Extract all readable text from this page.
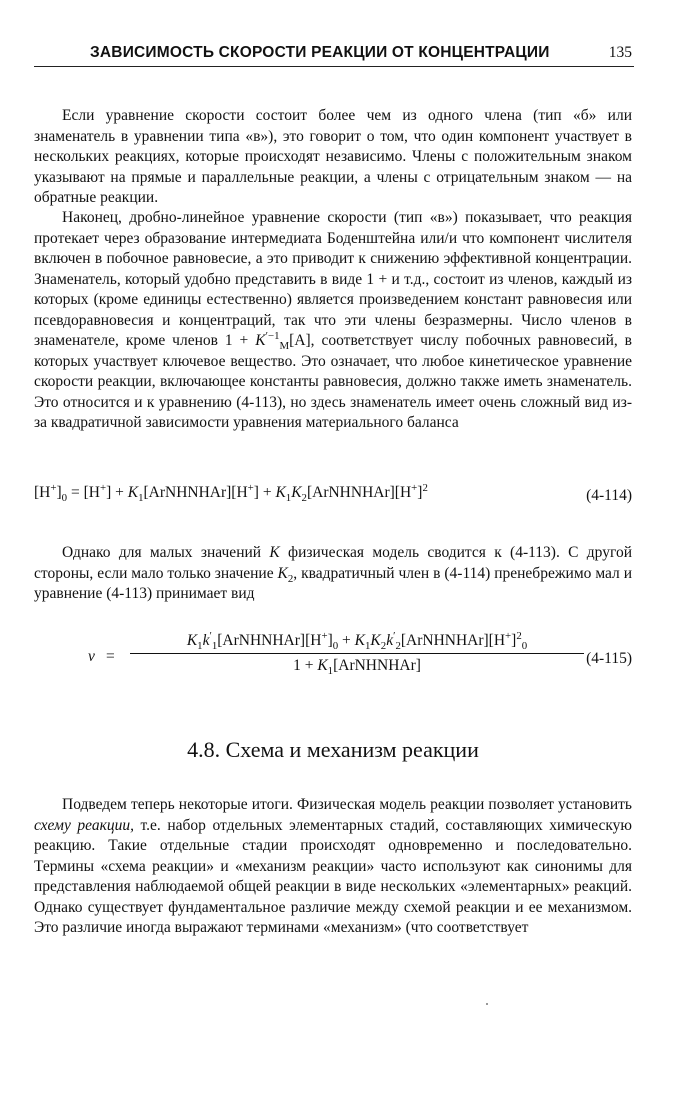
ЗАВИСИМОСТЬ СКОРОСТИ РЕАКЦИИ ОТ КОНЦЕНТРАЦИИ	135

Если уравнение скорости состоит более чем из одного члена (тип «б» или знаменатель в уравнении типа «в»), это говорит о том, что один компонент участвует в нескольких реакциях, которые происходят независимо. Члены с положительным знаком указывают на прямые и параллельные реакции, а члены с отрицательным знаком — на обратные реакции.

Наконец, дробно-линейное уравнение скорости (тип «в») показывает, что реакция протекает через образование интермедиата Боденштейна или/и что компонент числителя включен в побочное равновесие, а это приводит к снижению эффективной концентрации. Знаменатель, который удобно представить в виде 1 + и т.д., состоит из членов, каждый из которых (кроме единицы естественно) является произведением констант равновесия или псевдоравновесия и концентраций, так что эти члены безразмерны. Число членов в знаменателе, кроме членов $1 + K^{'-1}_M[A]$, соответствует числу побочных равновесий, в которых участвует ключевое вещество. Это означает, что любое кинетическое уравнение скорости реакции, включающее константы равновесия, должно также иметь знаменатель. Это относится и к уравнению (4-113), но здесь знаменатель имеет очень сложный вид из-за квадратичной зависимости уравнения материального баланса

$[H^+]_0 = [H^+]$ + $K_1[ArNHNHAr][H^+]$ + $K_1K_2[ArNHNHAr][H^+]^2$	(4-114)

Однако для малых значений K физическая модель сводится к (4-113). С другой стороны, если мало только значение $K_2$, квадратичный член в (4-114) пренебрежимо мал и уравнение (4-113) принимает вид

v =
$K_1k'_1[ArNHNHAr][H^+]_0$ + $K_1K_2k'_2[ArNHNHAr][H^+]^2_0$
$1 + K_1[ArNHNHAr]$	(4-115)
4.8. Схема и механизм реакции

Подведем теперь некоторые итоги. Физическая модель реакции позволяет установить схему реакции, т.е. набор отдельных элементарных стадий, составляющих химическую реакцию. Такие отдельные стадии происходят одновременно и последовательно. Термины «схема реакции» и «механизм реакции» часто используют как синонимы для представления наблюдаемой общей реакции в виде нескольких «элементарных» реакций. Однако существует фундаментальное различие между схемой реакции и ее механизмом. Это различие иногда выражают терминами «механизм» (что соответствует
